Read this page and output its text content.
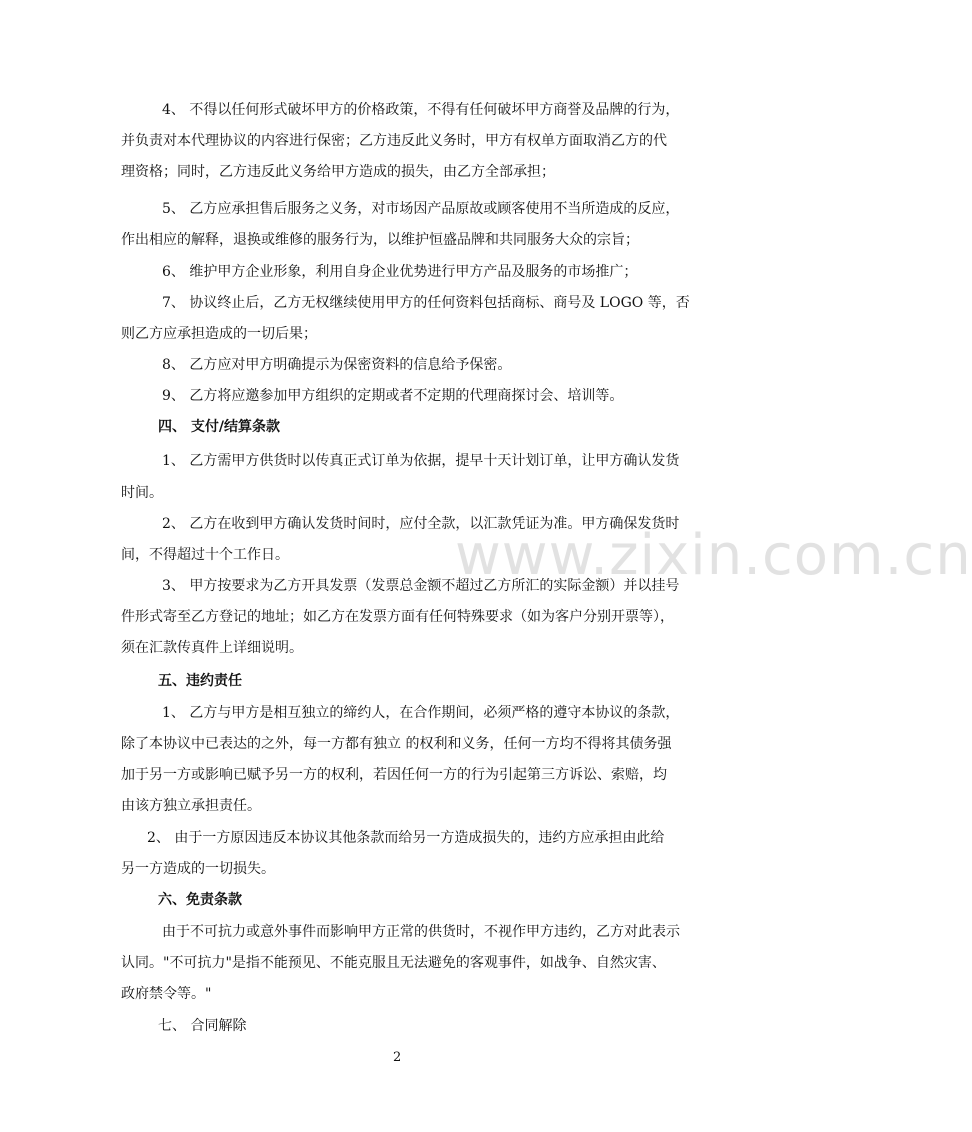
www.zixin.com.cn
4、 不得以任何形式破坏甲方的价格政策，不得有任何破坏甲方商誉及品牌的行为，
并负责对本代理协议的内容进行保密；乙方违反此义务时，甲方有权单方面取消乙方的代
理资格；同时，乙方违反此义务给甲方造成的损失，由乙方全部承担；
5、 乙方应承担售后服务之义务，对市场因产品原故或顾客使用不当所造成的反应，
作出相应的解释，退换或维修的服务行为，以维护恒盛品牌和共同服务大众的宗旨；
6、 维护甲方企业形象，利用自身企业优势进行甲方产品及服务的市场推广；
7、 协议终止后，乙方无权继续使用甲方的任何资料包括商标、商号及 LOGO 等，否
则乙方应承担造成的一切后果；
8、 乙方应对甲方明确提示为保密资料的信息给予保密。
9、 乙方将应邀参加甲方组织的定期或者不定期的代理商探讨会、培训等。
四、 支付/结算条款
1、 乙方需甲方供货时以传真正式订单为依据，提早十天计划订单，让甲方确认发货
时间。
2、 乙方在收到甲方确认发货时间时，应付全款，以汇款凭证为准。甲方确保发货时
间，不得超过十个工作日。
3、 甲方按要求为乙方开具发票（发票总金额不超过乙方所汇的实际金额）并以挂号
件形式寄至乙方登记的地址；如乙方在发票方面有任何特殊要求（如为客户分别开票等），
须在汇款传真件上详细说明。
五、违约责任
1、 乙方与甲方是相互独立的缔约人，在合作期间，必须严格的遵守本协议的条款，
除了本协议中已表达的之外，每一方都有独立 的权利和义务，任何一方均不得将其债务强
加于另一方或影响已赋予另一方的权利，若因任何一方的行为引起第三方诉讼、索赔，均
由该方独立承担责任。
2、 由于一方原因违反本协议其他条款而给另一方造成损失的，违约方应承担由此给
另一方造成的一切损失。
六、免责条款
由于不可抗力或意外事件而影响甲方正常的供货时，不视作甲方违约，乙方对此表示
认同。"不可抗力"是指不能预见、不能克服且无法避免的客观事件，如战争、自然灾害、
政府禁令等。"
七、 合同解除
2
